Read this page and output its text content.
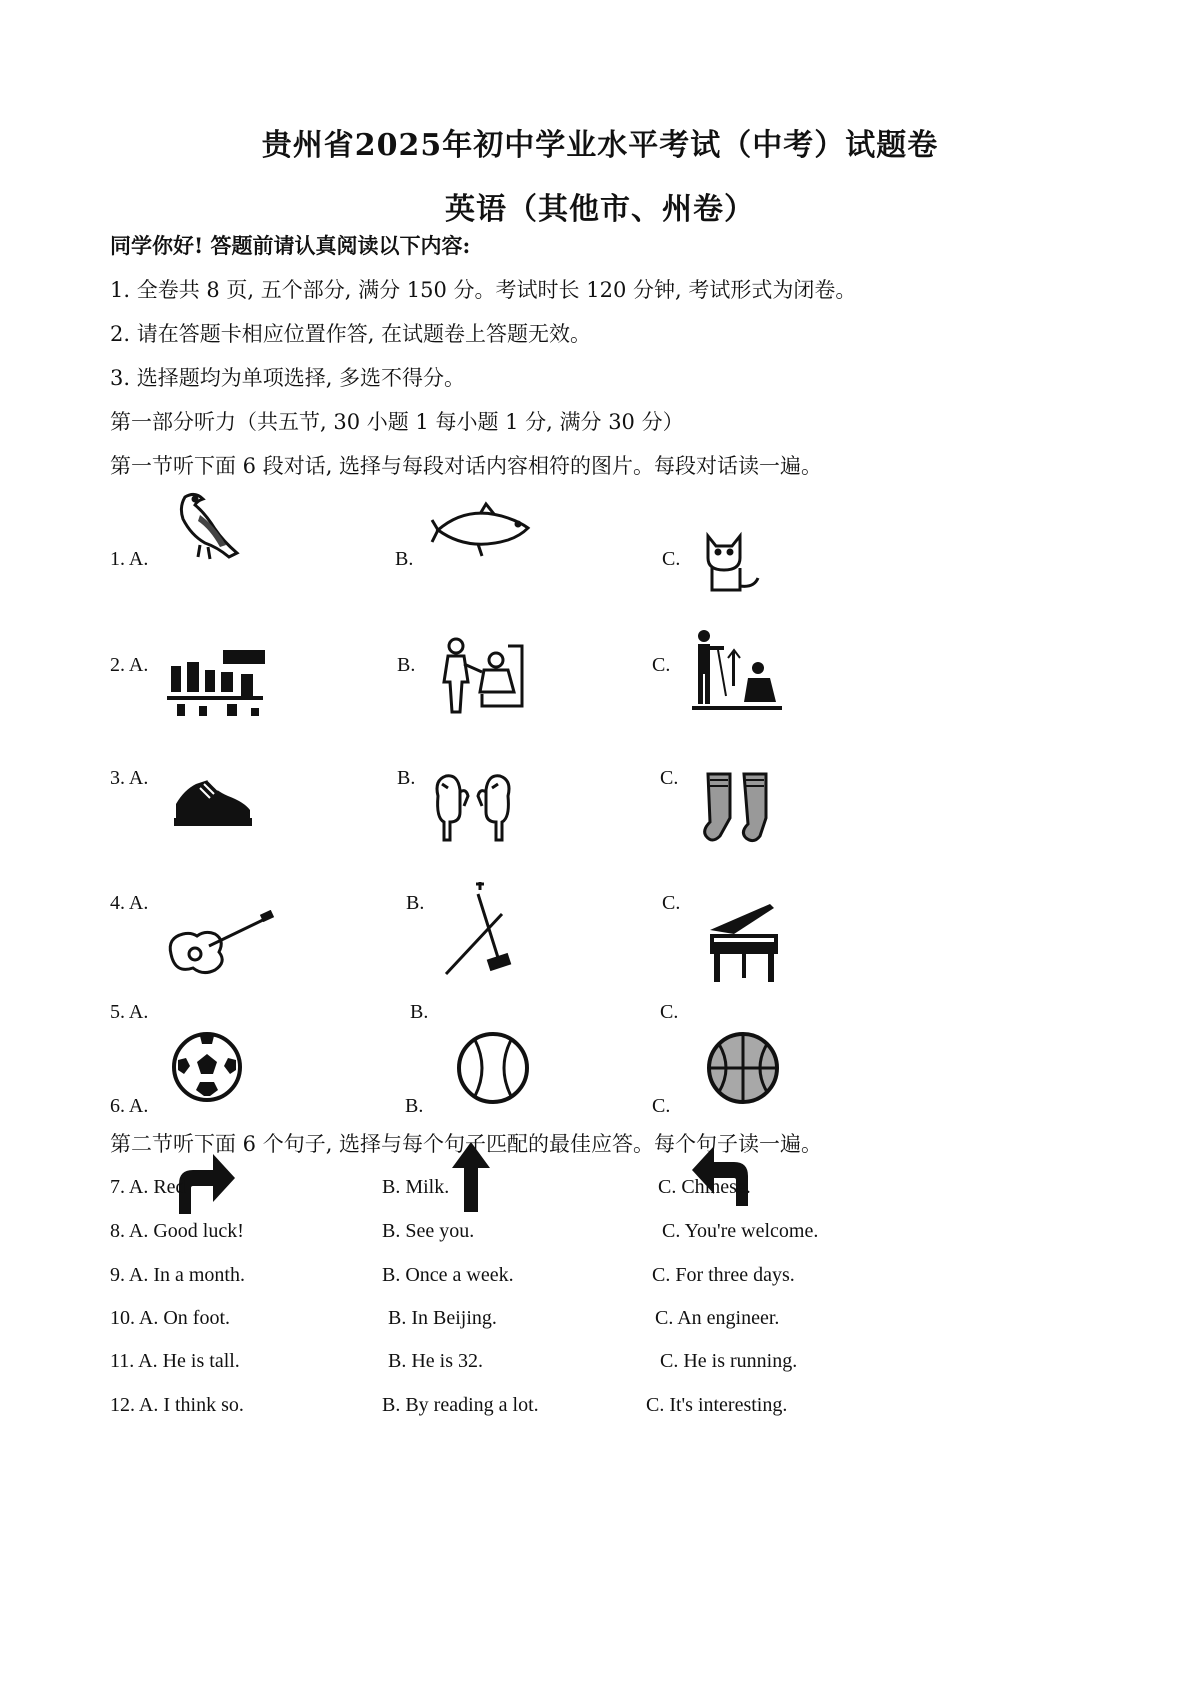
贵州省2025年初中学业水平考试（中考）试题卷
英语（其他市、州卷）
同学你好! 答题前请认真阅读以下内容:
1. 全卷共 8 页, 五个部分, 满分 150 分。考试时长 120 分钟, 考试形式为闭卷。
2. 请在答题卡相应位置作答, 在试题卷上答题无效。
3. 选择题均为单项选择, 多选不得分。
第一部分听力（共五节, 30 小题 1 每小题 1 分, 满分 30 分）
第一节听下面 6 段对话, 选择与每段对话内容相符的图片。每段对话读一遍。
1. A.	B.	C.
2. A.	B.	C.
3. A.	B.	C.
4. A.	B.	C.
5. A.	B.	C.
6. A.	B.	C.
第二节听下面 6 个句子, 选择与每个句子匹配的最佳应答。每个句子读一遍。
7. A. Red	B. Milk.	C. Chinese.
8. A. Good luck!	B. See you.	C. You're welcome.
9. A. In a month.	B. Once a week.	C. For three days.
10. A. On foot.	B. In Beijing.	C. An engineer.
11. A. He is tall.	B. He is 32.	C. He is running.
12. A. I think so.	B. By reading a lot.	C. It's interesting.
